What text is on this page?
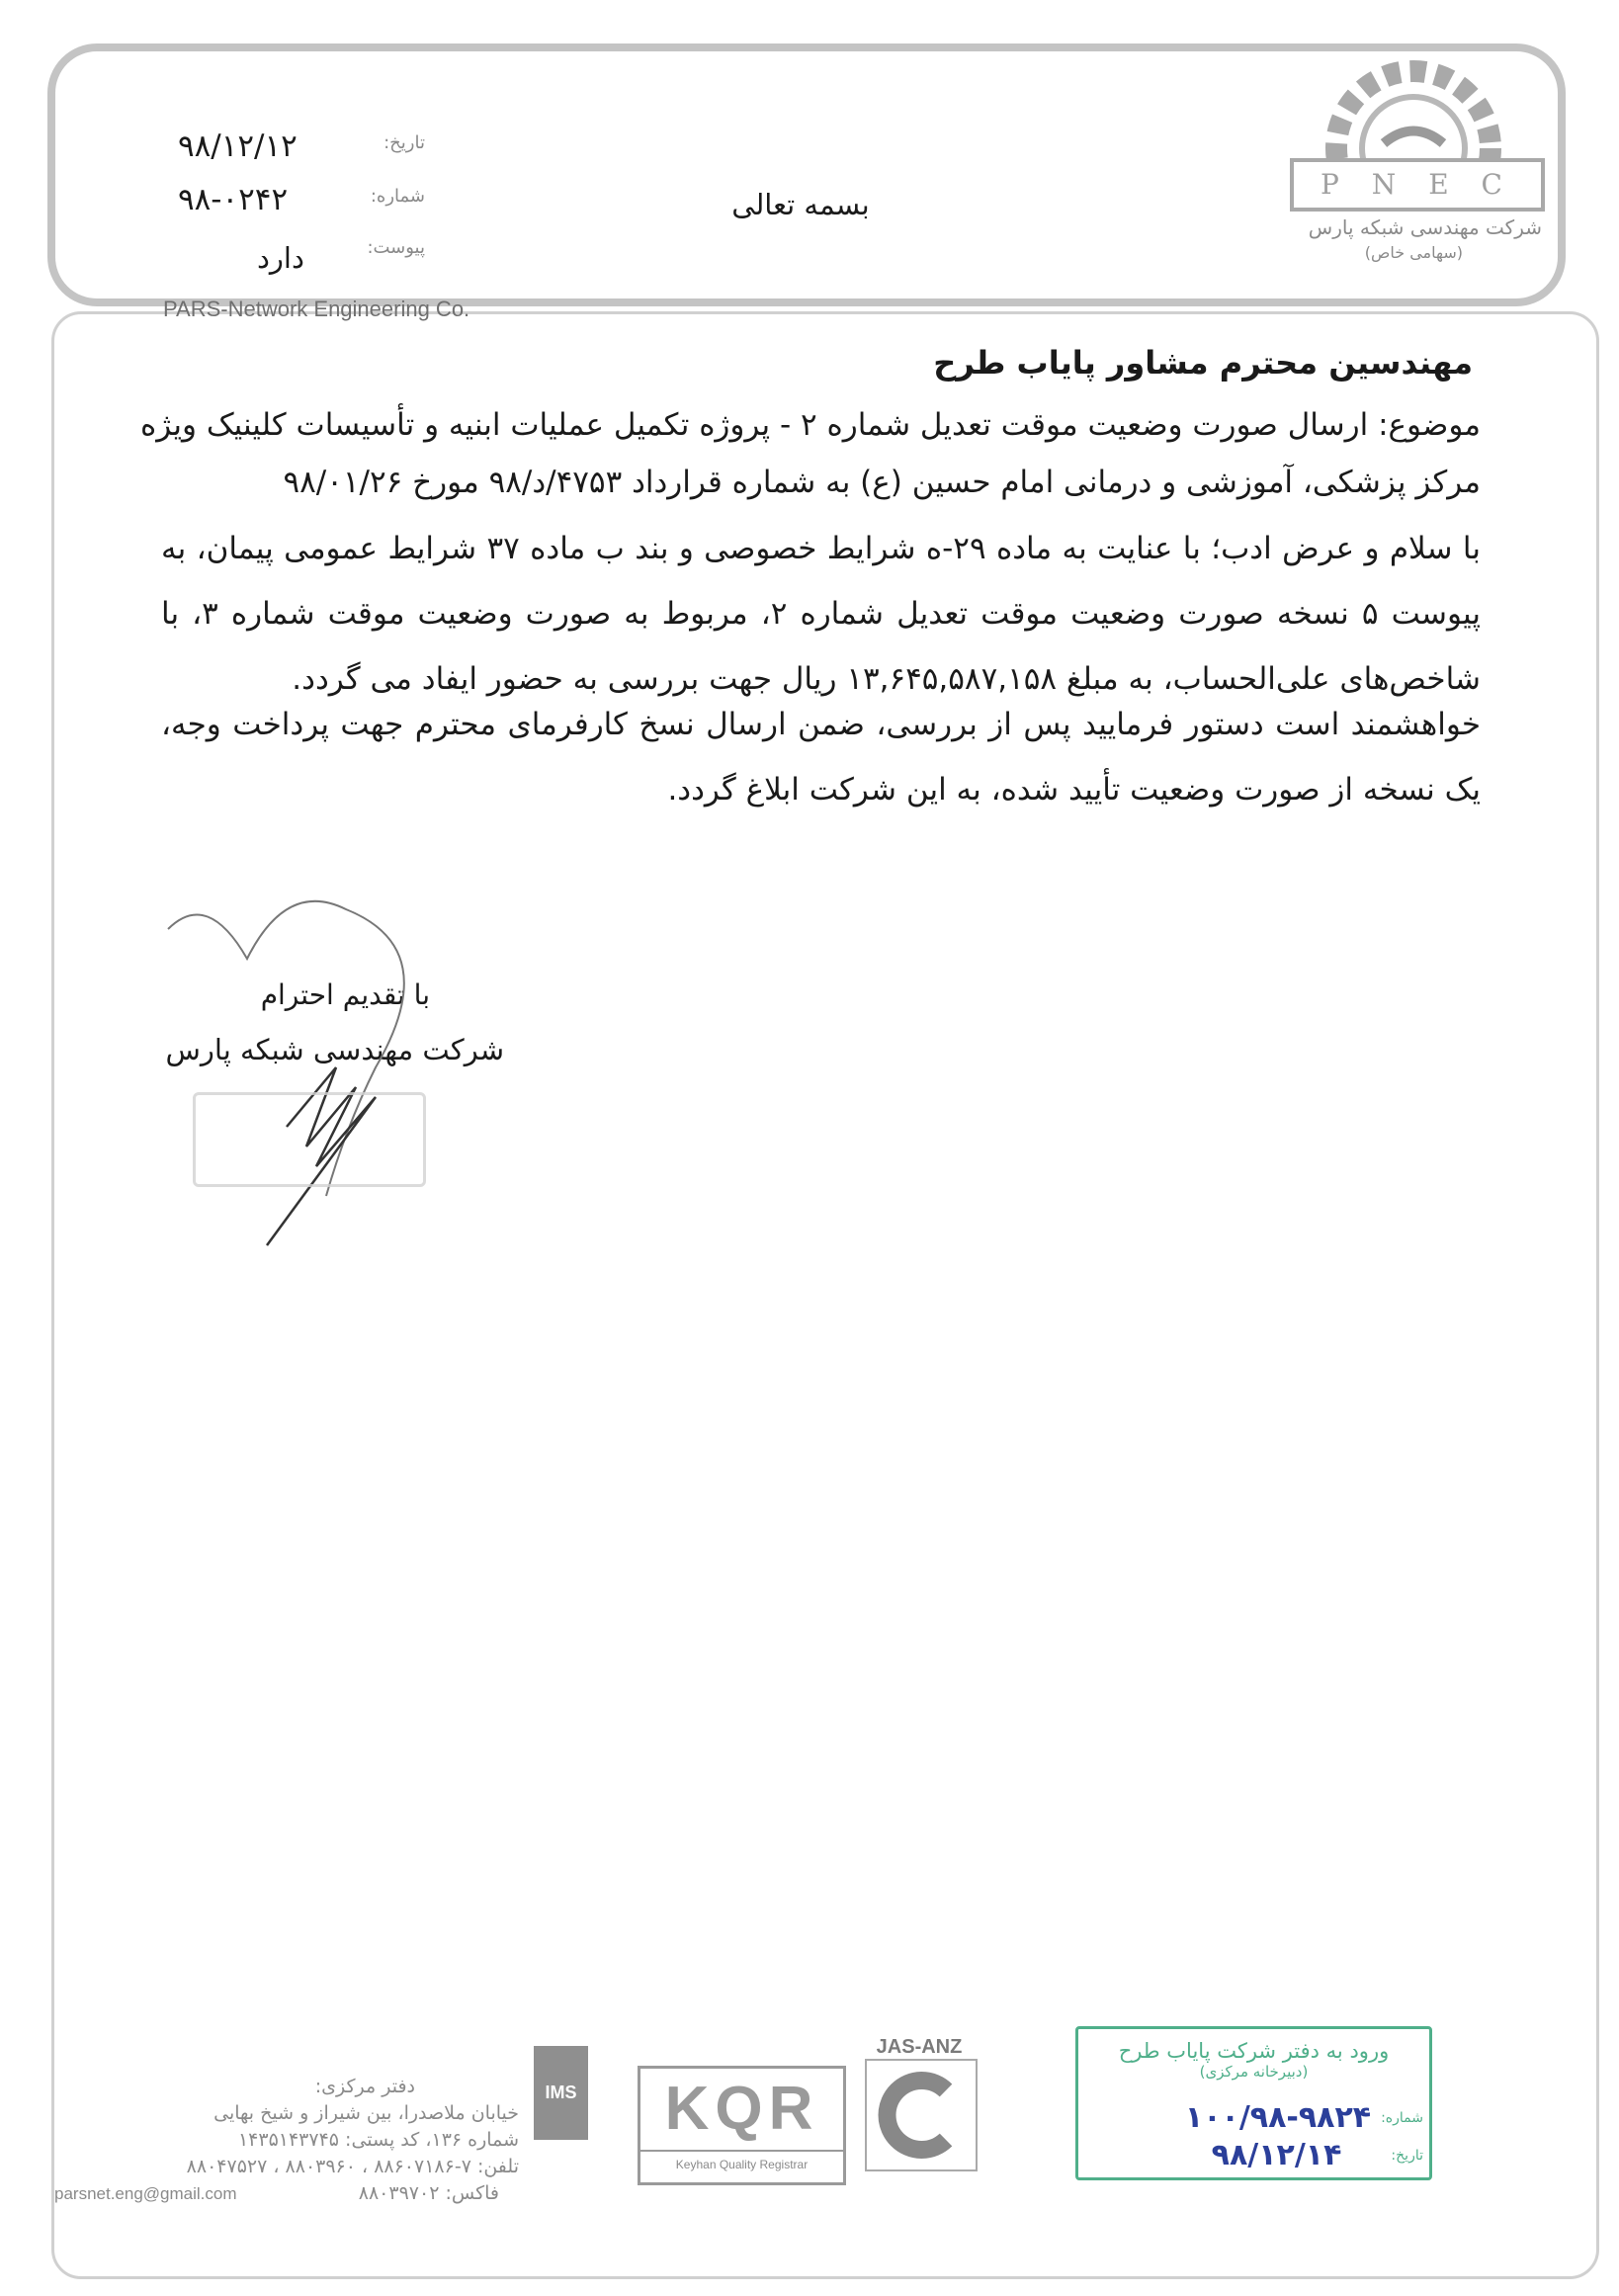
P N E C
شرکت مهندسی شبکه پارس
(سهامی خاص)
بسمه تعالی
تاریخ:
۹۸/۱۲/۱۲
شماره:
۹۸-۰۲۴۲
پیوست:
دارد
PARS-Network Engineering Co.
مهندسین محترم مشاور پایاب طرح
موضوع: ارسال صورت وضعیت موقت تعدیل شماره ۲ - پروژه تکمیل عملیات ابنیه و تأسیسات کلینیک ویژه
مرکز پزشکی، آموزشی و درمانی امام حسین (ع) به شماره قرارداد ۴۷۵۳/د/۹۸ مورخ ۹۸/۰۱/۲۶
با سلام و عرض ادب؛ با عنایت به ماده ۲۹-ه شرایط خصوصی و بند ب ماده ۳۷ شرایط عمومی پیمان، به پیوست ۵ نسخه صورت وضعیت موقت تعدیل شماره ۲، مربوط به صورت وضعیت موقت شماره ۳، با شاخص‌های علی‌الحساب، به مبلغ ۱۳,۶۴۵,۵۸۷,۱۵۸ ریال جهت بررسی به حضور ایفاد می گردد.
خواهشمند است دستور فرمایید پس از بررسی، ضمن ارسال نسخ کارفرمای محترم جهت پرداخت وجه، یک نسخه از صورت وضعیت تأیید شده، به این شرکت ابلاغ گردد.
با تقدیم احترام
شرکت مهندسی شبکه پارس
دفتر مرکزی:
خیابان ملاصدرا، بین شیراز و شیخ بهایی
شماره ۱۳۶، کد پستی: ۱۴۳۵۱۴۳۷۴۵
تلفن: ۷-۸۸۶۰۷۱۸۶ ، ۸۸۰۳۹۶۰ ، ۸۸۰۴۷۵۲۷
parsnet.eng@gmail.com	فاکس: ۸۸۰۳۹۷۰۲
IMS	KQR
Keyhan Quality Registrar
JAS-ANZ	ورود به دفتر شرکت پایاب طرح
(دبیرخانه مرکزی)
شماره:
۱۰۰/۹۸-۹۸۲۴
تاریخ:
۹۸/۱۲/۱۴
